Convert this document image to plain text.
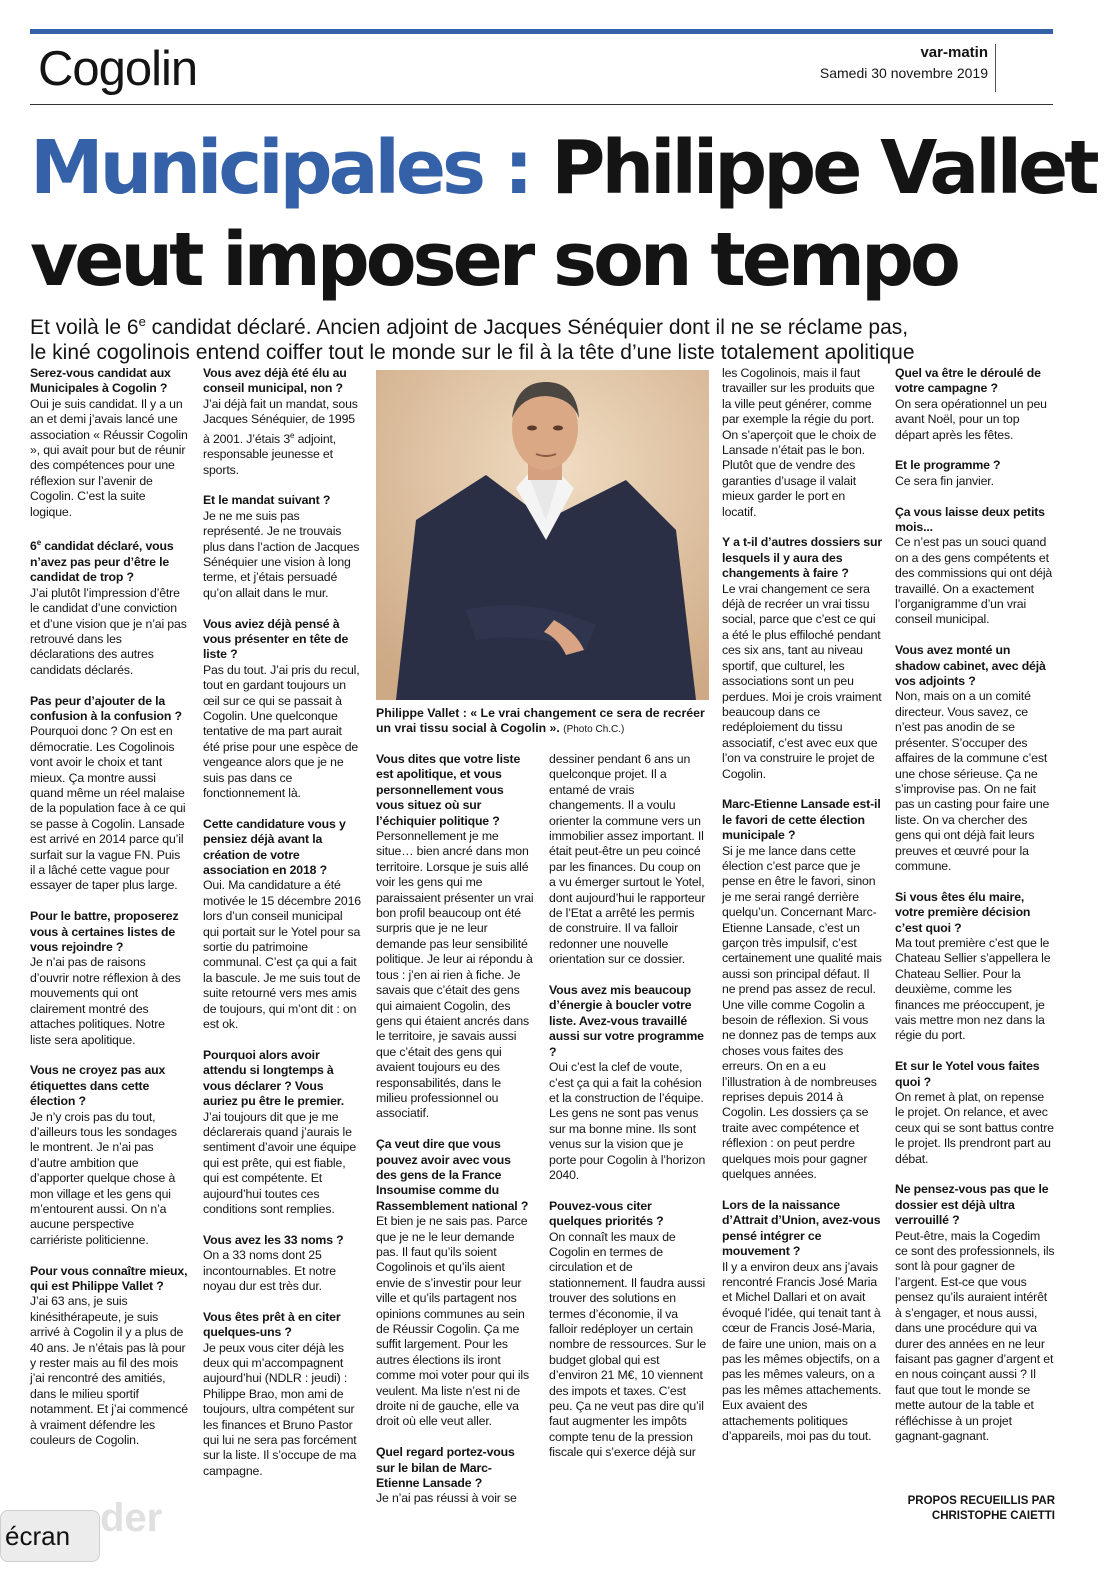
Cogolin	var-matin
Samedi 30 novembre 2019
Municipales : Philippe Vallet
veut imposer son tempo
Et voilà le 6e candidat déclaré. Ancien adjoint de Jacques Sénéquier dont il ne se réclame pas,
le kiné cogolinois entend coiffer tout le monde sur le fil à la tête d’une liste totalement apolitique

Serez-vous candidat aux Municipales à Cogolin ?
Oui je suis candidat. Il y a un an et demi j’avais lancé une association « Réussir Cogolin », qui avait pour but de réunir des compétences pour une réflexion sur l’avenir de Cogolin. C’est la suite logique.

6e candidat déclaré, vous n’avez pas peur d’être le candidat de trop ?
J’ai plutôt l’impression d’être le candidat d’une conviction et d’une vision que je n’ai pas retrouvé dans les déclarations des autres candidats déclarés.

Pas peur d’ajouter de la confusion à la confusion ?
Pourquoi donc ? On est en démocratie. Les Cogolinois vont avoir le choix et tant mieux. Ça montre aussi quand même un réel malaise de la population face à ce qui se passe à Cogolin. Lansade est arrivé en 2014 parce qu’il surfait sur la vague FN. Puis il a lâché cette vague pour essayer de taper plus large.

Pour le battre, proposerez vous à certaines listes de vous rejoindre ?
Je n’ai pas de raisons d’ouvrir notre réflexion à des mouvements qui ont clairement montré des attaches politiques. Notre liste sera apolitique.

Vous ne croyez pas aux étiquettes dans cette élection ?
Je n’y crois pas du tout, d’ailleurs tous les sondages le montrent. Je n’ai pas d’autre ambition que d’apporter quelque chose à mon village et les gens qui m’entourent aussi. On n’a aucune perspective carriériste politicienne.

Pour vous connaître mieux, qui est Philippe Vallet ?
J’ai 63 ans, je suis kinésithérapeute, je suis arrivé à Cogolin il y a plus de 40 ans. Je n’étais pas là pour y rester mais au fil des mois j’ai rencontré des amitiés, dans le milieu sportif notamment. Et j’ai commencé à vraiment défendre les couleurs de Cogolin.

Vous avez déjà été élu au conseil municipal, non ?
J’ai déjà fait un mandat, sous Jacques Sénéquier, de 1995 à 2001. J’étais 3e adjoint, responsable jeunesse et sports.

Et le mandat suivant ?
Je ne me suis pas représenté. Je ne trouvais plus dans l’action de Jacques Sénéquier une vision à long terme, et j’étais persuadé qu’on allait dans le mur.

Vous aviez déjà pensé à vous présenter en tête de liste ?
Pas du tout. J’ai pris du recul, tout en gardant toujours un œil sur ce qui se passait à Cogolin. Une quelconque tentative de ma part aurait été prise pour une espèce de vengeance alors que je ne suis pas dans ce fonctionnement là.

Cette candidature vous y pensiez déjà avant la création de votre association en 2018 ?
Oui. Ma candidature a été motivée le 15 décembre 2016 lors d’un conseil municipal qui portait sur le Yotel pour sa sortie du patrimoine communal. C’est ça qui a fait la bascule. Je me suis tout de suite retourné vers mes amis de toujours, qui m’ont dit : on est ok.

Pourquoi alors avoir attendu si longtemps à vous déclarer ? Vous auriez pu être le premier.
J’ai toujours dit que je me déclarerais quand j’aurais le sentiment d’avoir une équipe qui est prête, qui est fiable, qui est compétente. Et aujourd’hui toutes ces conditions sont remplies.

Vous avez les 33 noms ?
On a 33 noms dont 25 incontournables. Et notre noyau dur est très dur.

Vous êtes prêt à en citer quelques-uns ?
Je peux vous citer déjà les deux qui m’accompagnent aujourd’hui (NDLR : jeudi) : Philippe Brao, mon ami de toujours, ultra compétent sur les finances et Bruno Pastor qui lui ne sera pas forcément sur la liste. Il s’occupe de ma campagne.

Philippe Vallet : « Le vrai changement ce sera de recréer un vrai tissu social à Cogolin ». (Photo Ch.C.)

Vous dites que votre liste est apolitique, et vous personnellement vous vous situez où sur l’échiquier politique ?
Personnellement je me situe… bien ancré dans mon territoire. Lorsque je suis allé voir les gens qui me paraissaient présenter un vrai bon profil beaucoup ont été surpris que je ne leur demande pas leur sensibilité politique. Je leur ai répondu à tous : j’en ai rien à fiche. Je savais que c’était des gens qui aimaient Cogolin, des gens qui étaient ancrés dans le territoire, je savais aussi que c’était des gens qui avaient toujours eu des responsabilités, dans le milieu professionnel ou associatif.

Ça veut dire que vous pouvez avoir avec vous des gens de la France Insoumise comme du Rassemblement national ?
Et bien je ne sais pas. Parce que je ne le leur demande pas. Il faut qu’ils soient Cogolinois et qu’ils aient envie de s’investir pour leur ville et qu’ils partagent nos opinions communes au sein de Réussir Cogolin. Ça me suffit largement. Pour les autres élections ils iront comme moi voter pour qui ils veulent. Ma liste n’est ni de droite ni de gauche, elle va droit où elle veut aller.

Quel regard portez-vous sur le bilan de Marc-Etienne Lansade ?
Je n’ai pas réussi à voir se

dessiner pendant 6 ans un quelconque projet. Il a entamé de vrais changements. Il a voulu orienter la commune vers un immobilier assez important. Il était peut-être un peu coincé par les finances. Du coup on a vu émerger surtout le Yotel, dont aujourd’hui le rapporteur de l’Etat a arrêté les permis de construire. Il va falloir redonner une nouvelle orientation sur ce dossier.

Vous avez mis beaucoup d’énergie à boucler votre liste. Avez-vous travaillé aussi sur votre programme ?
Oui c’est la clef de voute, c’est ça qui a fait la cohésion et la construction de l’équipe. Les gens ne sont pas venus sur ma bonne mine. Ils sont venus sur la vision que je porte pour Cogolin à l’horizon 2040.

Pouvez-vous citer quelques priorités ?
On connaît les maux de Cogolin en termes de circulation et de stationnement. Il faudra aussi trouver des solutions en termes d’économie, il va falloir redéployer un certain nombre de ressources. Sur le budget global qui est d’environ 21 M€, 10 viennent des impots et taxes. C’est peu. Ça ne veut pas dire qu’il faut augmenter les impôts compte tenu de la pression fiscale qui s’exerce déjà sur

les Cogolinois, mais il faut travailler sur les produits que la ville peut générer, comme par exemple la régie du port. On s’aperçoit que le choix de Lansade n’était pas le bon. Plutôt que de vendre des garanties d’usage il valait mieux garder le port en locatif.

Y a t-il d’autres dossiers sur lesquels il y aura des changements à faire ?
Le vrai changement ce sera déjà de recréer un vrai tissu social, parce que c’est ce qui a été le plus effiloché pendant ces six ans, tant au niveau sportif, que culturel, les associations sont un peu perdues. Moi je crois vraiment beaucoup dans ce redéploiement du tissu associatif, c’est avec eux que l’on va construire le projet de Cogolin.

Marc-Etienne Lansade est-il le favori de cette élection municipale ?
Si je me lance dans cette élection c’est parce que je pense en être le favori, sinon je me serai rangé derrière quelqu’un. Concernant Marc-Etienne Lansade, c’est un garçon très impulsif, c’est certainement une qualité mais aussi son principal défaut. Il ne prend pas assez de recul. Une ville comme Cogolin a besoin de réflexion. Si vous ne donnez pas de temps aux choses vous faites des erreurs. On en a eu l’illustration à de nombreuses reprises depuis 2014 à Cogolin. Les dossiers ça se traite avec compétence et réflexion : on peut perdre quelques mois pour gagner quelques années.

Lors de la naissance d’Attrait d’Union, avez-vous pensé intégrer ce mouvement ?
Il y a environ deux ans j’avais rencontré Francis José Maria et Michel Dallari et on avait évoqué l’idée, qui tenait tant à cœur de Francis José-Maria, de faire une union, mais on a pas les mêmes objectifs, on a pas les mêmes valeurs, on a pas les mêmes attachements. Eux avaient des attachements politiques d’appareils, moi pas du tout.

Quel va être le déroulé de votre campagne ?
On sera opérationnel un peu avant Noël, pour un top départ après les fêtes.

Et le programme ?
Ce sera fin janvier.

Ça vous laisse deux petits mois...
Ce n’est pas un souci quand on a des gens compétents et des commissions qui ont déjà travaillé. On a exactement l’organigramme d’un vrai conseil municipal.

Vous avez monté un shadow cabinet, avec déjà vos adjoints ?
Non, mais on a un comité directeur. Vous savez, ce n’est pas anodin de se présenter. S’occuper des affaires de la commune c’est une chose sérieuse. Ça ne s’improvise pas. On ne fait pas un casting pour faire une liste. On va chercher des gens qui ont déjà fait leurs preuves et œuvré pour la commune.

Si vous êtes élu maire, votre première décision c’est quoi ?
Ma tout première c’est que le Chateau Sellier s’appellera le Chateau Sellier. Pour la deuxième, comme les finances me préoccupent, je vais mettre mon nez dans la régie du port.

Et sur le Yotel vous faites quoi ?
On remet à plat, on repense le projet. On relance, et avec ceux qui se sont battus contre le projet. Ils prendront part au débat.

Ne pensez-vous pas que le dossier est déjà ultra verrouillé ?
Peut-être, mais la Cogedim ce sont des professionnels, ils sont là pour gagner de l’argent. Est-ce que vous pensez qu’ils auraient intérêt à s’engager, et nous aussi, dans une procédure qui va durer des années en ne leur faisant pas gagner d’argent et en nous coinçant aussi ? Il faut que tout le monde se mette autour de la table et réfléchisse à un projet gagnant-gagnant.

PROPOS RECUEILLIS PAR
CHRISTOPHE CAIETTI
der
écran
